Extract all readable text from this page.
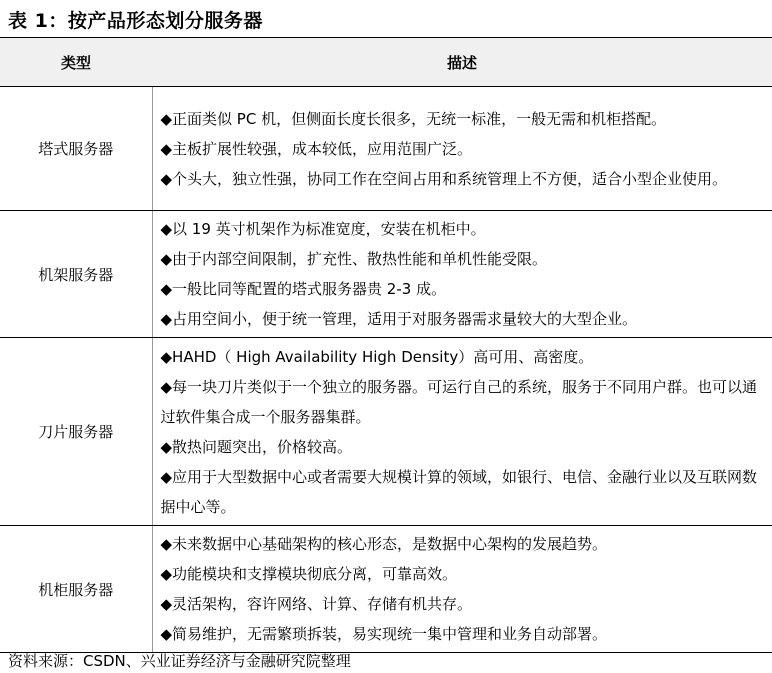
表 1：按产品形态划分服务器
类型	描述
塔式服务器	◆正面类似 PC 机，但侧面长度长很多，无统一标准，一般无需和机柜搭配。
◆主板扩展性较强，成本较低，应用范围广泛。
◆个头大，独立性强，协同工作在空间占用和系统管理上不方便，适合小型企业使用。

机架服务器	◆以 19 英寸机架作为标准宽度，安装在机柜中。
◆由于内部空间限制，扩充性、散热性能和单机性能受限。
◆一般比同等配置的塔式服务器贵 2-3 成。
◆占用空间小，便于统一管理，适用于对服务器需求量较大的大型企业。

刀片服务器	◆HAHD（ High Availability High Density）高可用、高密度。
◆每一块刀片类似于一个独立的服务器。可运行自己的系统，服务于不同用户群。也可以通过软件集合成一个服务器集群。
◆散热问题突出，价格较高。
◆应用于大型数据中心或者需要大规模计算的领域，如银行、电信、金融行业以及互联网数据中心等。

机柜服务器	◆未来数据中心基础架构的核心形态，是数据中心架构的发展趋势。
◆功能模块和支撑模块彻底分离，可靠高效。
◆灵活架构，容许网络、计算、存储有机共存。
◆简易维护，无需繁琐拆装，易实现统一集中管理和业务自动部署。
资料来源：CSDN、兴业证券经济与金融研究院整理
